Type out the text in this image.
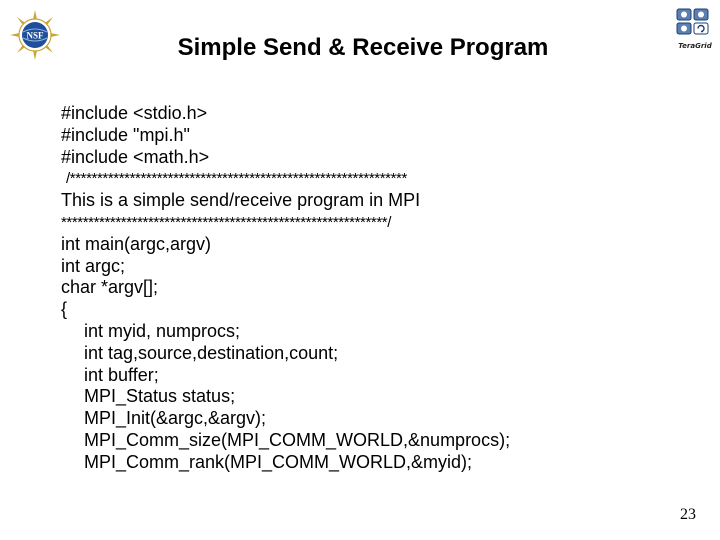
NSF
TeraGrid
Simple Send & Receive Program
#include <stdio.h>
#include "mpi.h"
#include <math.h>
/**************************************************************
This is a simple send/receive program in MPI
************************************************************/
int main(argc,argv)
int argc;
char *argv[];
{
int myid, numprocs;
int tag,source,destination,count;
int buffer;
MPI_Status status;
MPI_Init(&argc,&argv);
MPI_Comm_size(MPI_COMM_WORLD,&numprocs);
MPI_Comm_rank(MPI_COMM_WORLD,&myid);
23
